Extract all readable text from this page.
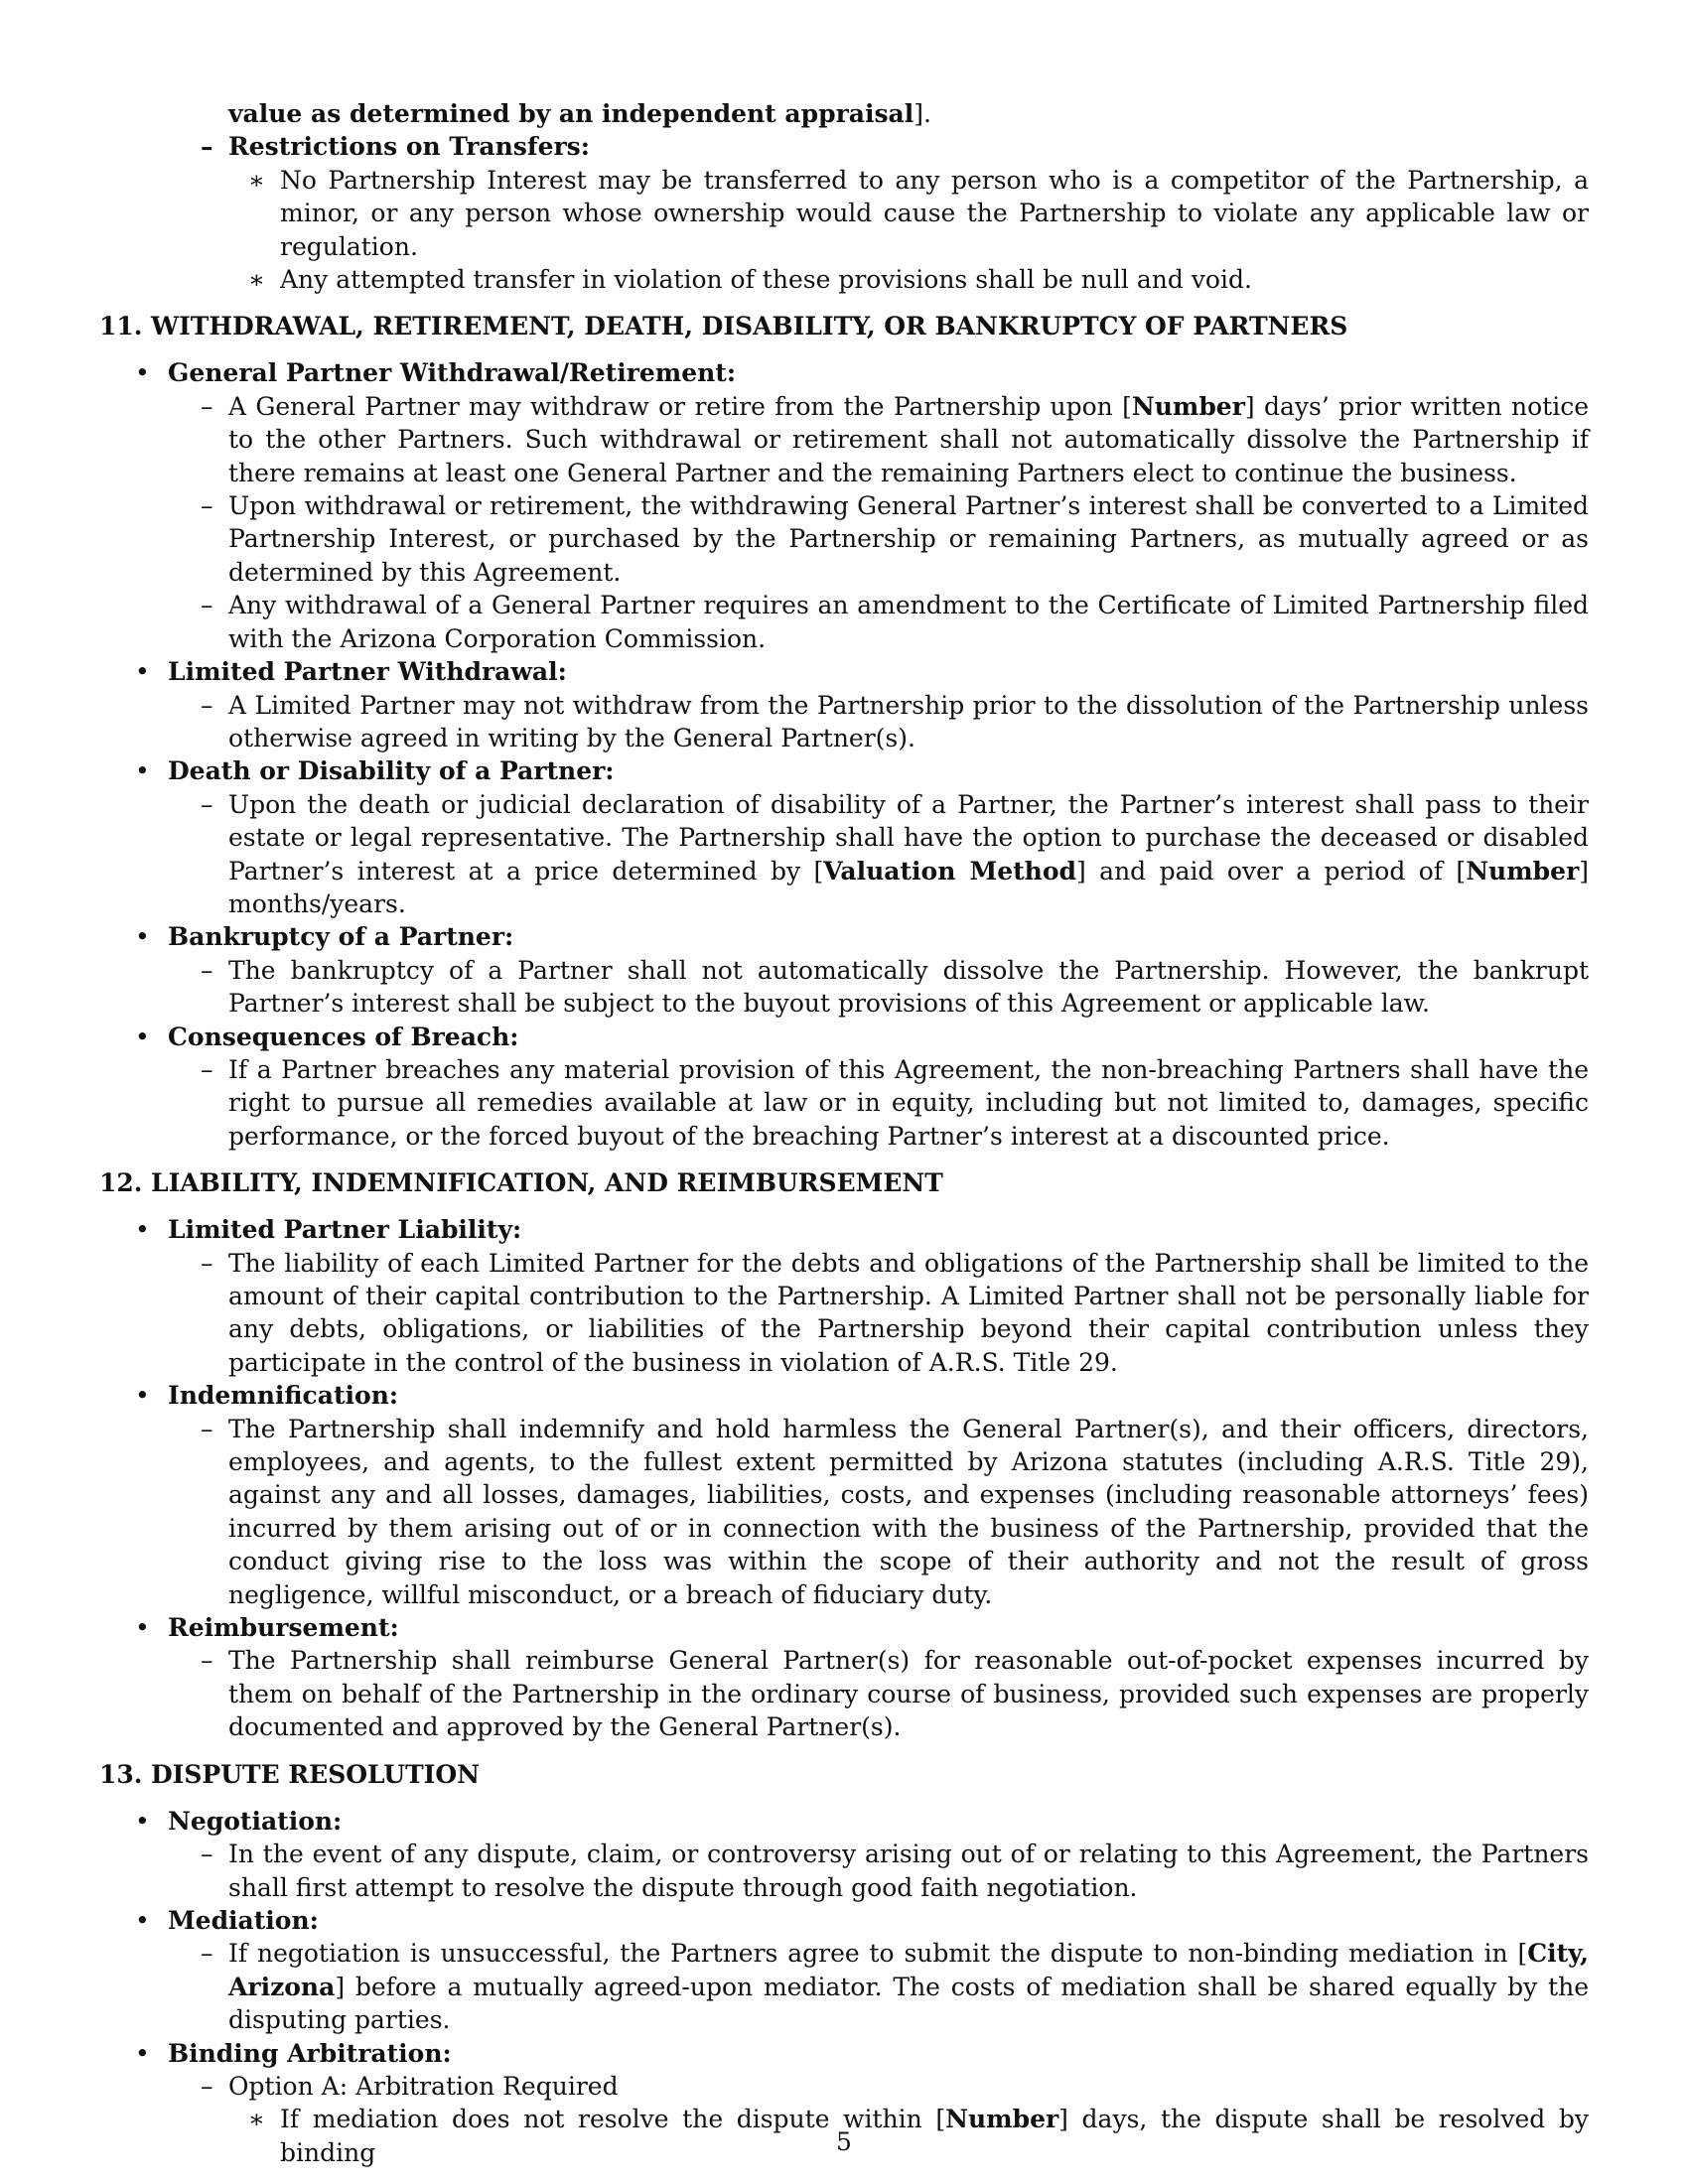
value as determined by an independent appraisal].
– Restrictions on Transfers:
∗ No Partnership Interest may be transferred to any person who is a competitor of the Partnership, a minor, or any person whose ownership would cause the Partnership to violate any applicable law or regulation.
∗ Any attempted transfer in violation of these provisions shall be null and void.
11. WITHDRAWAL, RETIREMENT, DEATH, DISABILITY, OR BANKRUPTCY OF PARTNERS
• General Partner Withdrawal/Retirement:
– A General Partner may withdraw or retire from the Partnership upon [Number] days’ prior written notice to the other Partners. Such withdrawal or retirement shall not automatically dissolve the Partnership if there remains at least one General Partner and the remaining Partners elect to continue the business.
– Upon withdrawal or retirement, the withdrawing General Partner’s interest shall be converted to a Limited Partnership Interest, or purchased by the Partnership or remaining Partners, as mutually agreed or as determined by this Agreement.
– Any withdrawal of a General Partner requires an amendment to the Certificate of Limited Partnership filed with the Arizona Corporation Commission.
• Limited Partner Withdrawal:
– A Limited Partner may not withdraw from the Partnership prior to the dissolution of the Partnership unless otherwise agreed in writing by the General Partner(s).
• Death or Disability of a Partner:
– Upon the death or judicial declaration of disability of a Partner, the Partner’s interest shall pass to their estate or legal representative. The Partnership shall have the option to purchase the deceased or disabled Partner’s interest at a price determined by [Valuation Method] and paid over a period of [Number] months/years.
• Bankruptcy of a Partner:
– The bankruptcy of a Partner shall not automatically dissolve the Partnership. However, the bankrupt Partner’s interest shall be subject to the buyout provisions of this Agreement or applicable law.
• Consequences of Breach:
– If a Partner breaches any material provision of this Agreement, the non-breaching Partners shall have the right to pursue all remedies available at law or in equity, including but not limited to, damages, specific performance, or the forced buyout of the breaching Partner’s interest at a discounted price.
12. LIABILITY, INDEMNIFICATION, AND REIMBURSEMENT
• Limited Partner Liability:
– The liability of each Limited Partner for the debts and obligations of the Partnership shall be limited to the amount of their capital contribution to the Partnership. A Limited Partner shall not be personally liable for any debts, obligations, or liabilities of the Partnership beyond their capital contribution unless they participate in the control of the business in violation of A.R.S. Title 29.
• Indemnification:
– The Partnership shall indemnify and hold harmless the General Partner(s), and their officers, directors, employees, and agents, to the fullest extent permitted by Arizona statutes (including A.R.S. Title 29), against any and all losses, damages, liabilities, costs, and expenses (including reasonable attorneys’ fees) incurred by them arising out of or in connection with the business of the Partnership, provided that the conduct giving rise to the loss was within the scope of their authority and not the result of gross negligence, willful misconduct, or a breach of fiduciary duty.
• Reimbursement:
– The Partnership shall reimburse General Partner(s) for reasonable out-of-pocket expenses incurred by them on behalf of the Partnership in the ordinary course of business, provided such expenses are properly documented and approved by the General Partner(s).
13. DISPUTE RESOLUTION
• Negotiation:
– In the event of any dispute, claim, or controversy arising out of or relating to this Agreement, the Partners shall first attempt to resolve the dispute through good faith negotiation.
• Mediation:
– If negotiation is unsuccessful, the Partners agree to submit the dispute to non-binding mediation in [City, Arizona] before a mutually agreed-upon mediator. The costs of mediation shall be shared equally by the disputing parties.
• Binding Arbitration:
– Option A: Arbitration Required
∗ If mediation does not resolve the dispute within [Number] days, the dispute shall be resolved by binding	5
